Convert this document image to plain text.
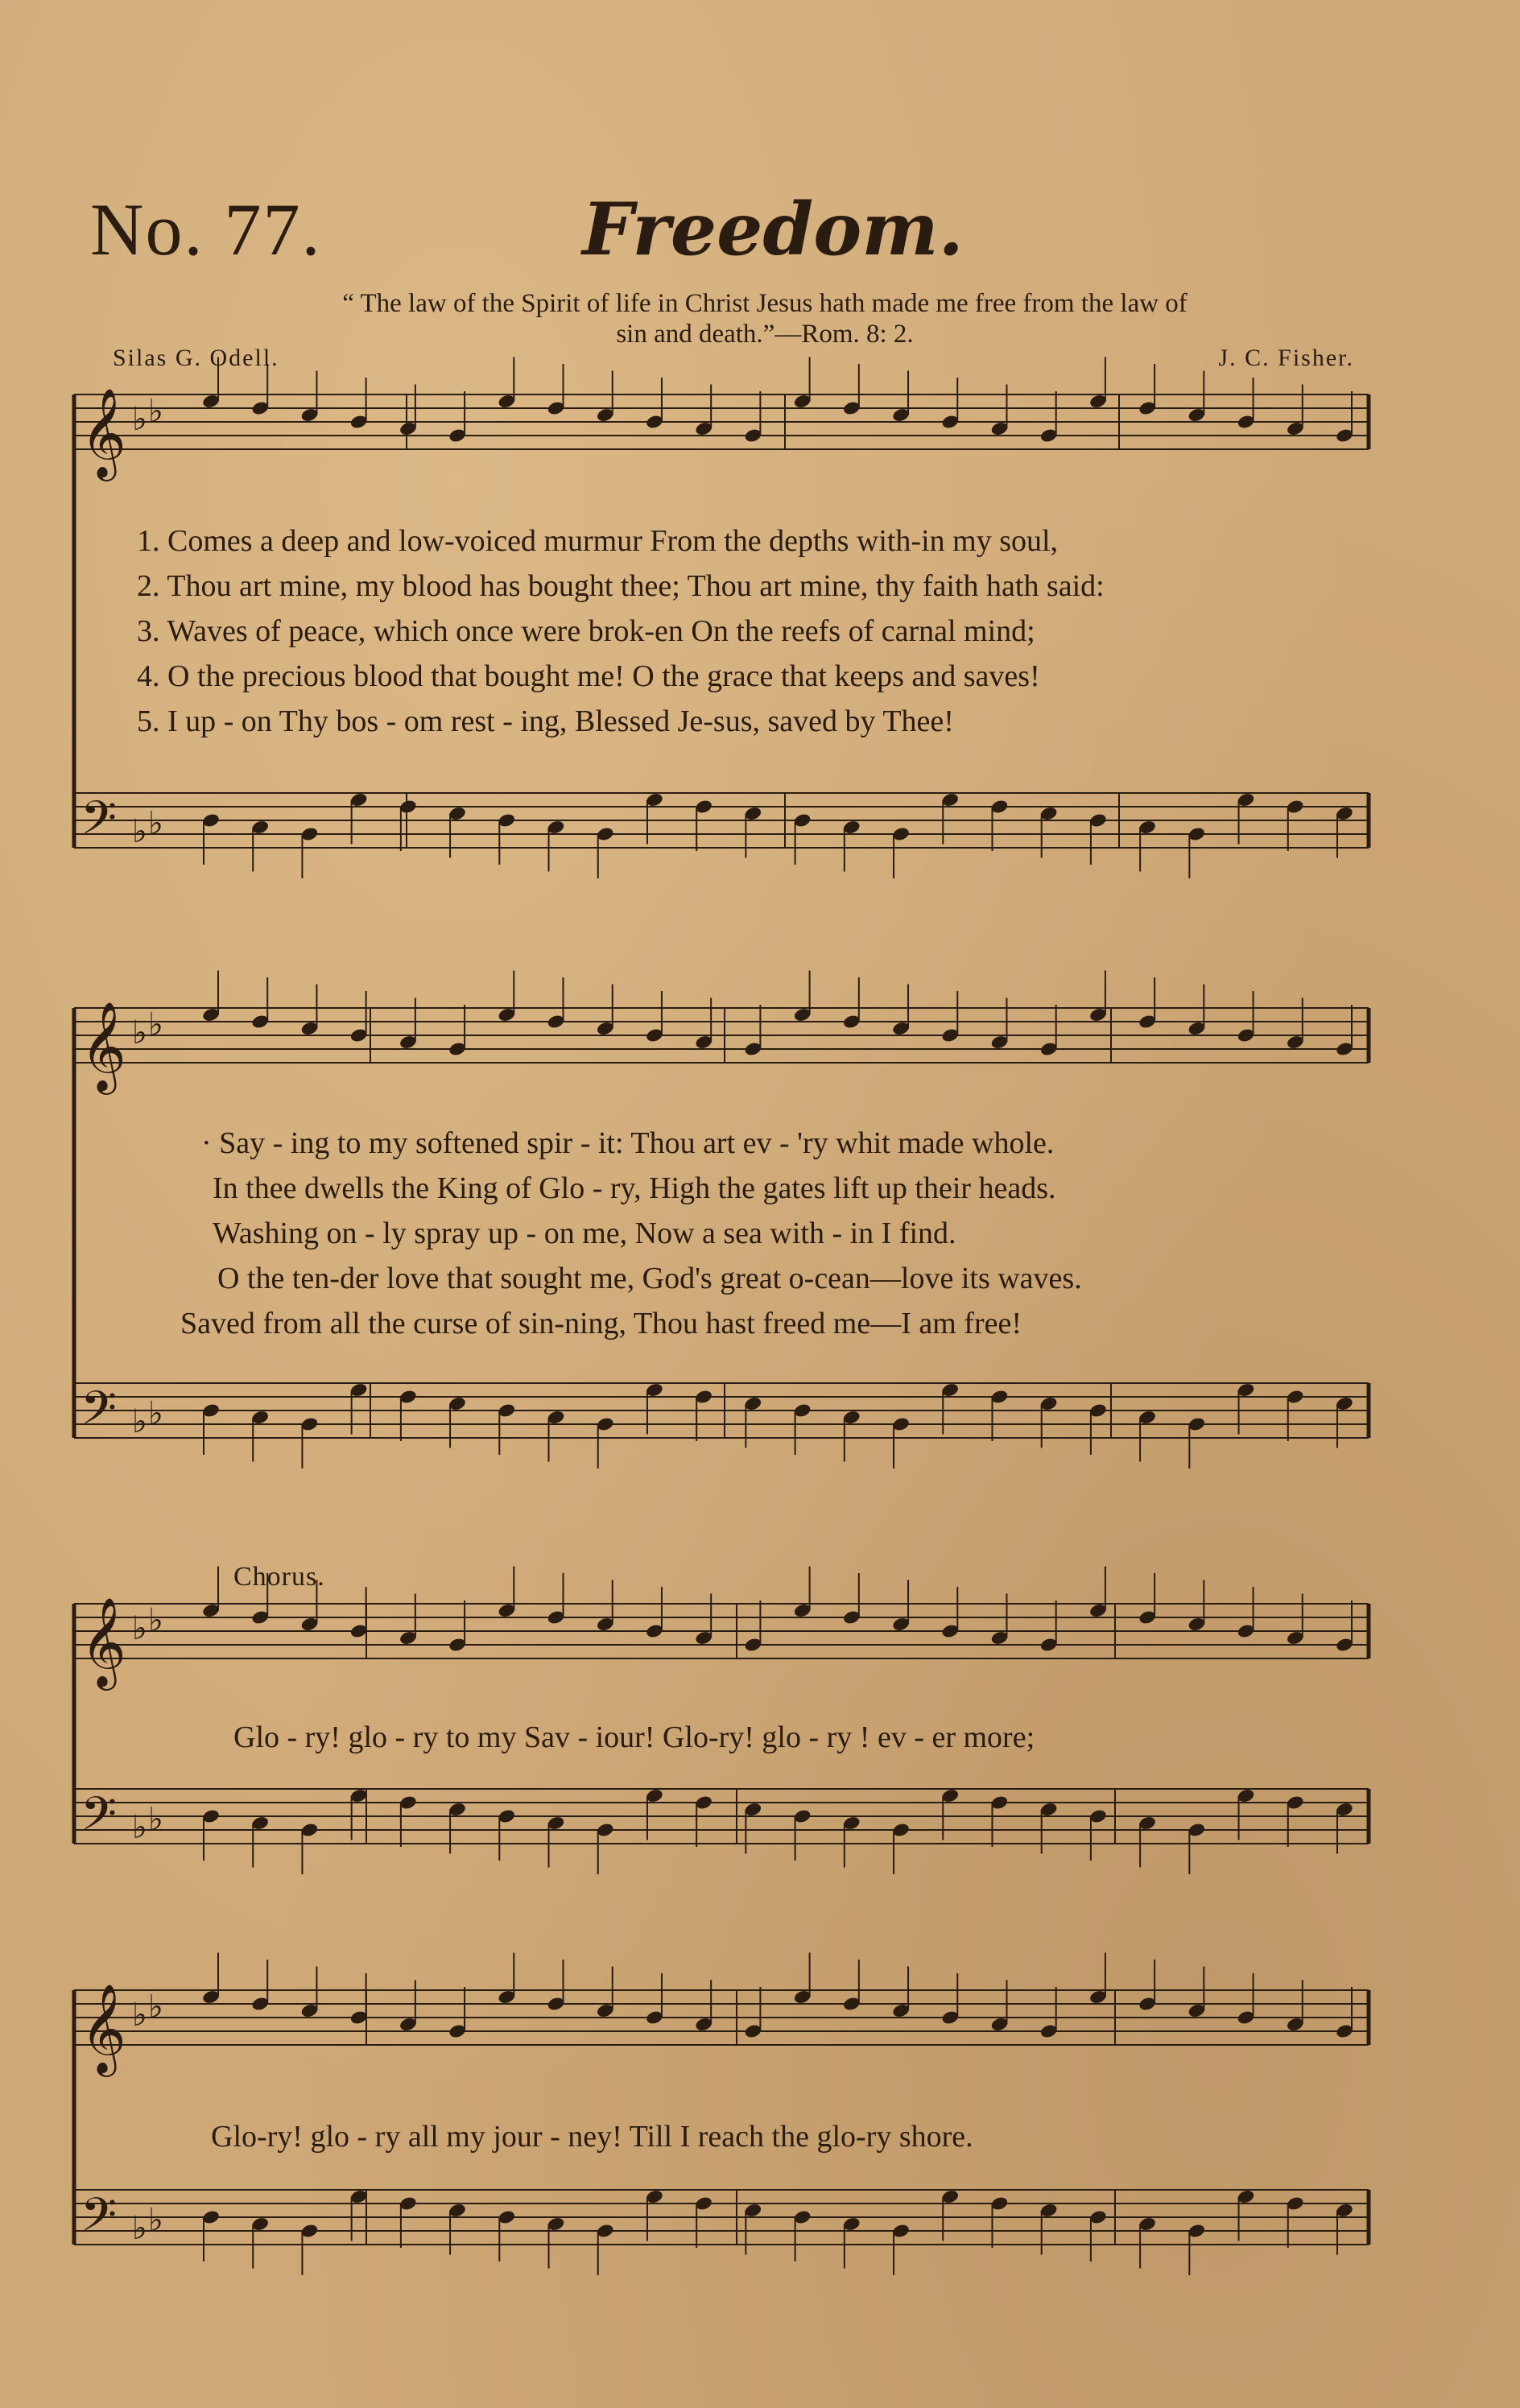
No. 77.	Freedom.
“ The law of the Spirit of life in Christ Jesus hath made me free from the law of
sin and death.”—Rom. 8: 2.
Silas G. Odell.	J. C. Fisher.
𝄞 ♭ ♭
𝄢 ♭ ♭
𝄞 ♭ ♭
𝄢 ♭ ♭
𝄞 ♭ ♭
𝄢 ♭ ♭
𝄞 ♭ ♭
𝄢 ♭ ♭
1. Comes a deep and low-voiced murmur From the depths with-in my soul,
2. Thou art mine, my blood has bought thee; Thou art mine, thy faith hath said:
3. Waves of peace, which once were brok-en On the reefs of carnal mind;
4. O the precious blood that bought me! O the grace that keeps and saves!
5. I up - on Thy bos - om rest - ing, Blessed Je-sus, saved by Thee!
· Say - ing to my softened spir - it: Thou art ev - 'ry whit made whole.
In thee dwells the King of Glo - ry, High the gates lift up their heads.
Washing on - ly spray up - on me, Now a sea with - in I find.
O the ten-der love that sought me, God's great o-cean—love its waves.
Saved from all the curse of sin-ning, Thou hast freed me—I am free!
Chorus.
Glo - ry! glo - ry to my Sav - iour! Glo-ry! glo - ry ! ev - er more;
Glo-ry! glo - ry all my jour - ney! Till I reach the glo-ry shore.
